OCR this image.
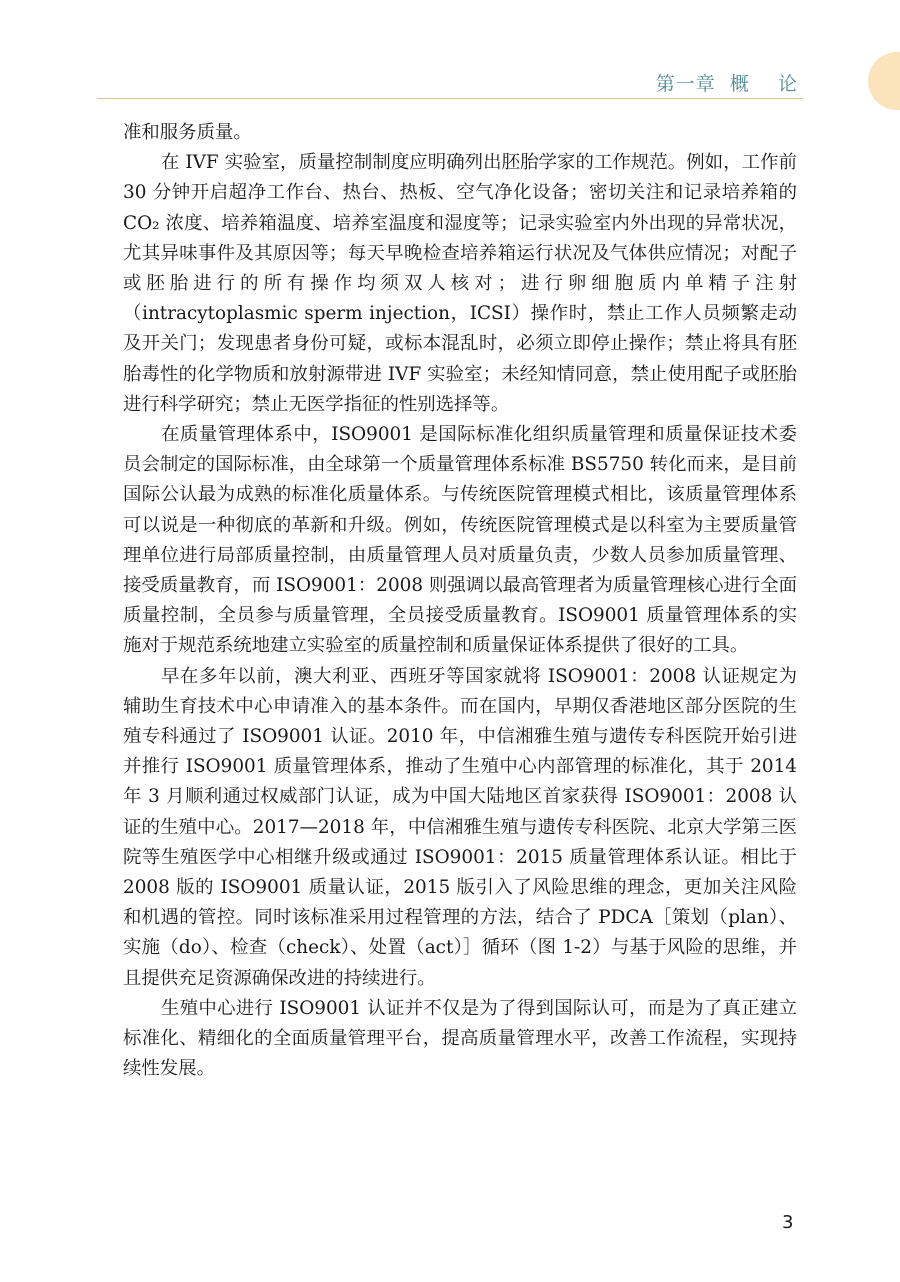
第一章  概    论

准和服务质量。

在 IVF 实验室，质量控制制度应明确列出胚胎学家的工作规范。例如，工作前 30 分钟开启超净工作台、热台、热板、空气净化设备；密切关注和记录培养箱的 CO₂ 浓度、培养箱温度、培养室温度和湿度等；记录实验室内外出现的异常状况，尤其异味事件及其原因等；每天早晚检查培养箱运行状况及气体供应情况；对配子或胚胎进行的所有操作均须双人核对；进行卵细胞质内单精子注射（intracytoplasmic sperm injection，ICSI）操作时，禁止工作人员频繁走动及开关门；发现患者身份可疑，或标本混乱时，必须立即停止操作；禁止将具有胚胎毒性的化学物质和放射源带进 IVF 实验室；未经知情同意，禁止使用配子或胚胎进行科学研究；禁止无医学指征的性别选择等。

在质量管理体系中，ISO9001 是国际标准化组织质量管理和质量保证技术委员会制定的国际标准，由全球第一个质量管理体系标准 BS5750 转化而来，是目前国际公认最为成熟的标准化质量体系。与传统医院管理模式相比，该质量管理体系可以说是一种彻底的革新和升级。例如，传统医院管理模式是以科室为主要质量管理单位进行局部质量控制，由质量管理人员对质量负责，少数人员参加质量管理、接受质量教育，而 ISO9001：2008 则强调以最高管理者为质量管理核心进行全面质量控制，全员参与质量管理，全员接受质量教育。ISO9001 质量管理体系的实施对于规范系统地建立实验室的质量控制和质量保证体系提供了很好的工具。

早在多年以前，澳大利亚、西班牙等国家就将 ISO9001：2008 认证规定为辅助生育技术中心申请准入的基本条件。而在国内，早期仅香港地区部分医院的生殖专科通过了 ISO9001 认证。2010 年，中信湘雅生殖与遗传专科医院开始引进并推行 ISO9001 质量管理体系，推动了生殖中心内部管理的标准化，其于 2014 年 3 月顺利通过权威部门认证，成为中国大陆地区首家获得 ISO9001：2008 认证的生殖中心。2017—2018 年，中信湘雅生殖与遗传专科医院、北京大学第三医院等生殖医学中心相继升级或通过 ISO9001：2015 质量管理体系认证。相比于 2008 版的 ISO9001 质量认证，2015 版引入了风险思维的理念，更加关注风险和机遇的管控。同时该标准采用过程管理的方法，结合了 PDCA［策划（plan）、实施（do）、检查（check）、处置（act）］循环（图 1-2）与基于风险的思维，并且提供充足资源确保改进的持续进行。

生殖中心进行 ISO9001 认证并不仅是为了得到国际认可，而是为了真正建立标准化、精细化的全面质量管理平台，提高质量管理水平，改善工作流程，实现持续性发展。

3
